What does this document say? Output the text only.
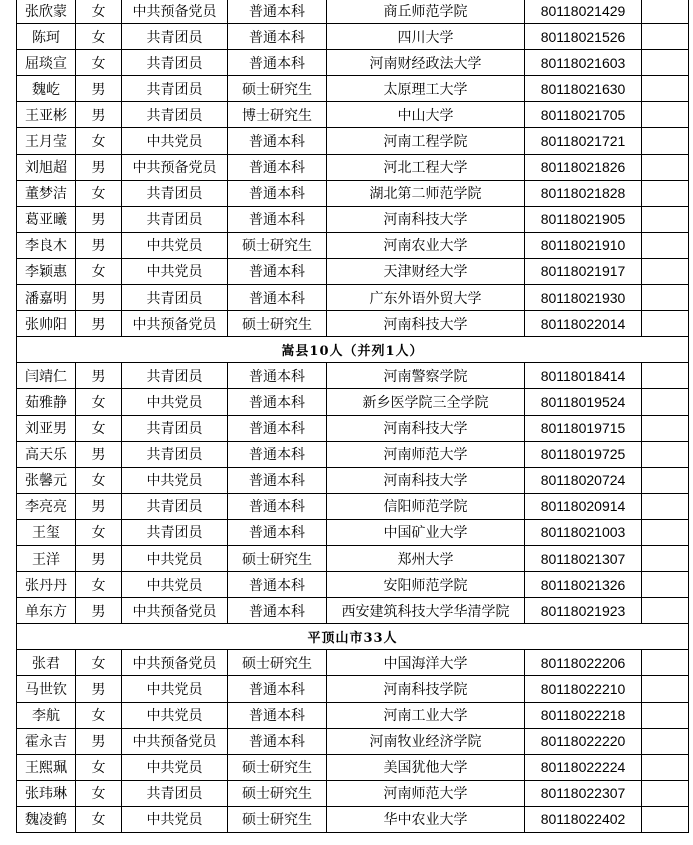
张欣蒙	女	中共预备党员	普通本科	商丘师范学院	80118021429	
陈珂	女	共青团员	普通本科	四川大学	80118021526	
屈琰宣	女	共青团员	普通本科	河南财经政法大学	80118021603	
魏屹	男	共青团员	硕士研究生	太原理工大学	80118021630	
王亚彬	男	共青团员	博士研究生	中山大学	80118021705	
王月莹	女	中共党员	普通本科	河南工程学院	80118021721	
刘旭超	男	中共预备党员	普通本科	河北工程大学	80118021826	
董梦洁	女	共青团员	普通本科	湖北第二师范学院	80118021828	
葛亚曦	男	共青团员	普通本科	河南科技大学	80118021905	
李良木	男	中共党员	硕士研究生	河南农业大学	80118021910	
李颖惠	女	中共党员	普通本科	天津财经大学	80118021917	
潘嘉明	男	共青团员	普通本科	广东外语外贸大学	80118021930	
张帅阳	男	中共预备党员	硕士研究生	河南科技大学	80118022014	
嵩县10人（并列1人）						
闫靖仁	男	共青团员	普通本科	河南警察学院	80118018414	
茹雅静	女	中共党员	普通本科	新乡医学院三全学院	80118019524	
刘亚男	女	共青团员	普通本科	河南科技大学	80118019715	
高天乐	男	共青团员	普通本科	河南师范大学	80118019725	
张馨元	女	中共党员	普通本科	河南科技大学	80118020724	
李亮亮	男	共青团员	普通本科	信阳师范学院	80118020914	
王玺	女	共青团员	普通本科	中国矿业大学	80118021003	
王洋	男	中共党员	硕士研究生	郑州大学	80118021307	
张丹丹	女	中共党员	普通本科	安阳师范学院	80118021326	
单东方	男	中共预备党员	普通本科	西安建筑科技大学华清学院	80118021923	
平顶山市33人						
张君	女	中共预备党员	硕士研究生	中国海洋大学	80118022206	
马世钦	男	中共党员	普通本科	河南科技学院	80118022210	
李航	女	中共党员	普通本科	河南工业大学	80118022218	
霍永吉	男	中共预备党员	普通本科	河南牧业经济学院	80118022220	
王熙珮	女	中共党员	硕士研究生	美国犹他大学	80118022224	
张玮琳	女	共青团员	硕士研究生	河南师范大学	80118022307	
魏凌鹤	女	中共党员	硕士研究生	华中农业大学	80118022402	
